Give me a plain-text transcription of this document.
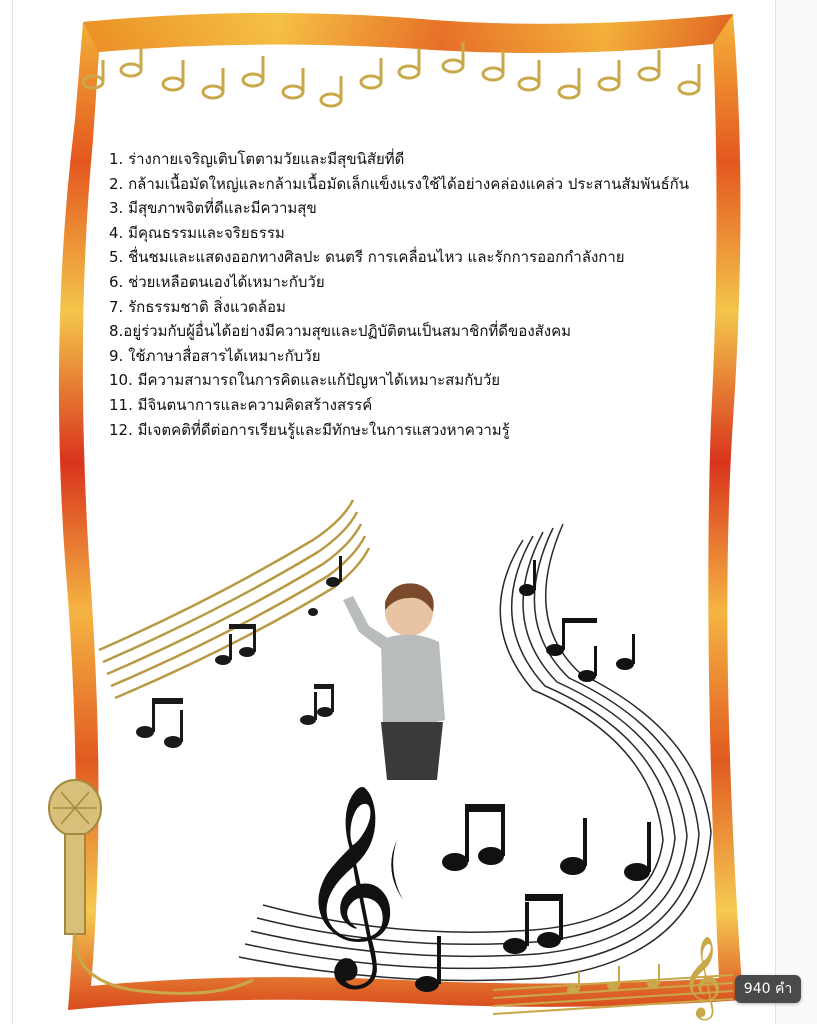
1. ร่างกายเจริญเติบโตตามวัยและมีสุขนิสัยที่ดี
2. กล้ามเนื้อมัดใหญ่และกล้ามเนื้อมัดเล็กแข็งแรงใช้ได้อย่างคล่องแคล่ว ประสานสัมพันธ์กัน
3. มีสุขภาพจิตที่ดีและมีความสุข
4. มีคุณธรรมและจริยธรรม
5. ชื่นชมและแสดงออกทางศิลปะ ดนตรี การเคลื่อนไหว และรักการออกกำลังกาย
6. ช่วยเหลือตนเองได้เหมาะกับวัย
7. รักธรรมชาติ สิ่งแวดล้อม
8.อยู่ร่วมกับผู้อื่นได้อย่างมีความสุขและปฏิบัติตนเป็นสมาชิกที่ดีของสังคม
9. ใช้ภาษาสื่อสารได้เหมาะกับวัย
10. มีความสามารถในการคิดและแก้ปัญหาได้เหมาะสมกับวัย
11. มีจินตนาการและความคิดสร้างสรรค์
12. มีเจตคติที่ดีต่อการเรียนรู้และมีทักษะในการแสวงหาความรู้
𝄞	𝄞	940 คำ
